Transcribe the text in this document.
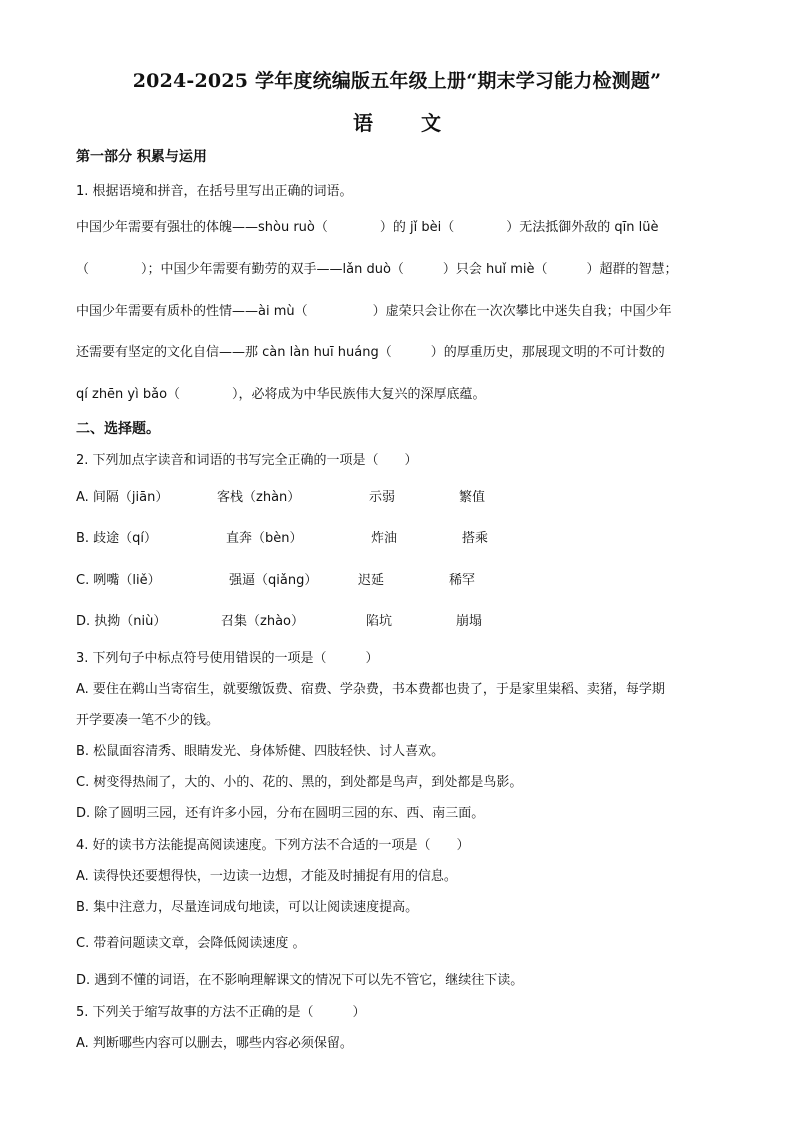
2024-2025 学年度统编版五年级上册“期末学习能力检测题”
语　文
第一部分 积累与运用
1. 根据语境和拼音，在括号里写出正确的词语。
中国少年需要有强壮的体魄——shòu ruò（　　　　）的 jǐ bèi（　　　　）无法抵御外敌的 qīn lüè
（　　　　）；中国少年需要有勤劳的双手——lǎn duò（　　　）只会 huǐ miè（　　　）超群的智慧；
中国少年需要有质朴的性情——ài mù（　　　　　）虚荣只会让你在一次次攀比中迷失自我；中国少年
还需要有坚定的文化自信——那 càn làn huī huáng（　　　）的厚重历史，那展现文明的不可计数的
qí zhēn yì bǎo（　　　　），必将成为中华民族伟大复兴的深厚底蕴。
二、选择题。
2. 下列加点字读音和词语的书写完全正确的一项是（　　）
A. 间隔（jiān）	客栈（zhàn）	示弱	繁值
B. 歧途（qí）	直奔（bèn）	炸油	搭乘
C. 咧嘴（liě）	强逼（qiǎng）	迟延	稀罕
D. 执拗（niù）	召集（zhào）	陷坑	崩塌
3. 下列句子中标点符号使用错误的一项是（　　　）
A. 要住在鹈山当寄宿生，就要缴饭费、宿费、学杂费，书本费都也贵了，于是家里粜稻、卖猪，每学期
开学要凑一笔不少的钱。
B. 松鼠面容清秀、眼睛发光、身体矫健、四肢轻快、讨人喜欢。
C. 树变得热闹了，大的、小的、花的、黑的，到处都是鸟声，到处都是鸟影。
D. 除了圆明三园，还有许多小园，分布在圆明三园的东、西、南三面。
4. 好的读书方法能提高阅读速度。下列方法不合适的一项是（　　）
A. 读得快还要想得快，一边读一边想，才能及时捕捉有用的信息。
B. 集中注意力，尽量连词成句地读，可以让阅读速度提高。
C. 带着问题读文章，会降低阅读速度 。
D. 遇到不懂的词语，在不影响理解课文的情况下可以先不管它，继续往下读。
5. 下列关于缩写故事的方法不正确的是（　　　）
A. 判断哪些内容可以删去，哪些内容必须保留。
